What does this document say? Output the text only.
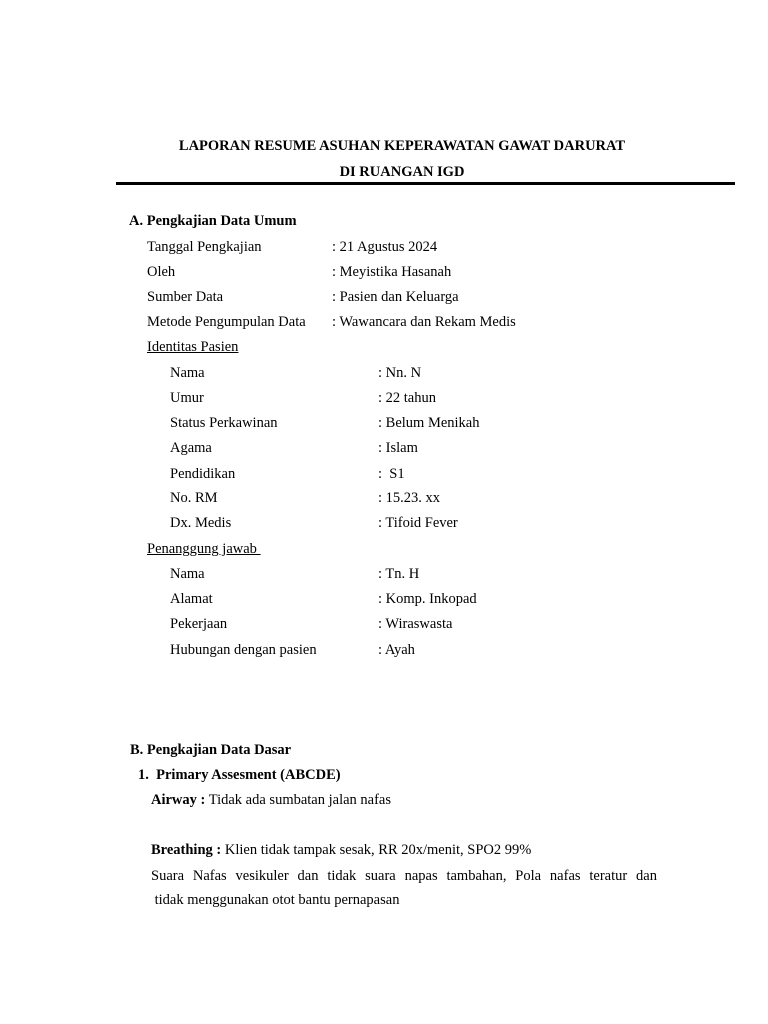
LAPORAN RESUME ASUHAN KEPERAWATAN GAWAT DARURAT
DI RUANGAN IGD
A. Pengkajian Data Umum
Tanggal Pengkajian	: 21 Agustus 2024
Oleh	: Meyistika Hasanah
Sumber Data	: Pasien dan Keluarga
Metode Pengumpulan Data : Wawancara dan Rekam Medis
Identitas Pasien
Nama	: Nn. N
Umur	: 22 tahun
Status Perkawinan	: Belum Menikah
Agama	: Islam
Pendidikan	:  S1
No. RM	: 15.23. xx
Dx. Medis	: Tifoid Fever
Penanggung jawab
Nama	: Tn. H
Alamat	: Komp. Inkopad
Pekerjaan	: Wiraswasta
Hubungan dengan pasien	: Ayah
B. Pengkajian Data Dasar
1.  Primary Assesment (ABCDE)
Airway : Tidak ada sumbatan jalan nafas
Breathing : Klien tidak tampak sesak, RR 20x/menit, SPO2 99%
Suara Nafas vesikuler dan tidak suara napas tambahan, Pola nafas teratur dan
tidak menggunakan otot bantu pernapasan
